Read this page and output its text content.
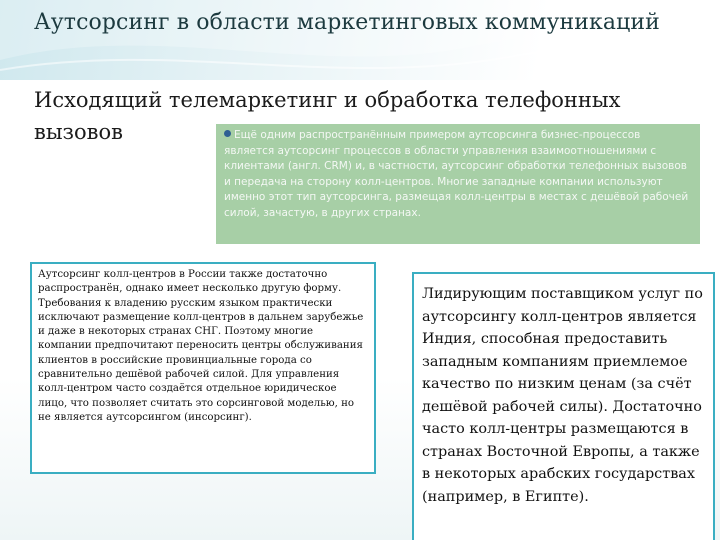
Аутсорсинг в области маркетинговых коммуникаций
Исходящий телемаркетинг и обработка телефонных вызовов	Ещё одним распространённым примером аутсорсинга бизнес-процессов является аутсорсинг процессов в области управления взаимоотношениями с клиентами (англ. CRM) и, в частности, аутсорсинг обработки телефонных вызовов и передача на сторону колл-центров. Многие западные компании используют именно этот тип аутсорсинга, размещая колл-центры в местах с дешёвой рабочей силой, зачастую, в других странах.
Аутсорсинг колл-центров в России также достаточно распространён, однако имеет несколько другую форму. Требования к владению русским языком практически исключают размещение колл-центров в дальнем зарубежье и даже в некоторых странах СНГ. Поэтому многие компании предпочитают переносить центры обслуживания клиентов в российские провинциальные города со сравнительно дешёвой рабочей силой. Для управления колл-центром часто создаётся отдельное юридическое лицо, что позволяет считать это сорсинговой моделью, но не является аутсорсингом (инсорсинг).
Лидирующим поставщиком услуг по аутсорсингу колл-центров является Индия, способная предоставить западным компаниям приемлемое качество по низким ценам (за счёт дешёвой рабочей силы). Достаточно часто колл-центры размещаются в странах Восточной Европы, а также в некоторых арабских государствах (например, в Египте).
